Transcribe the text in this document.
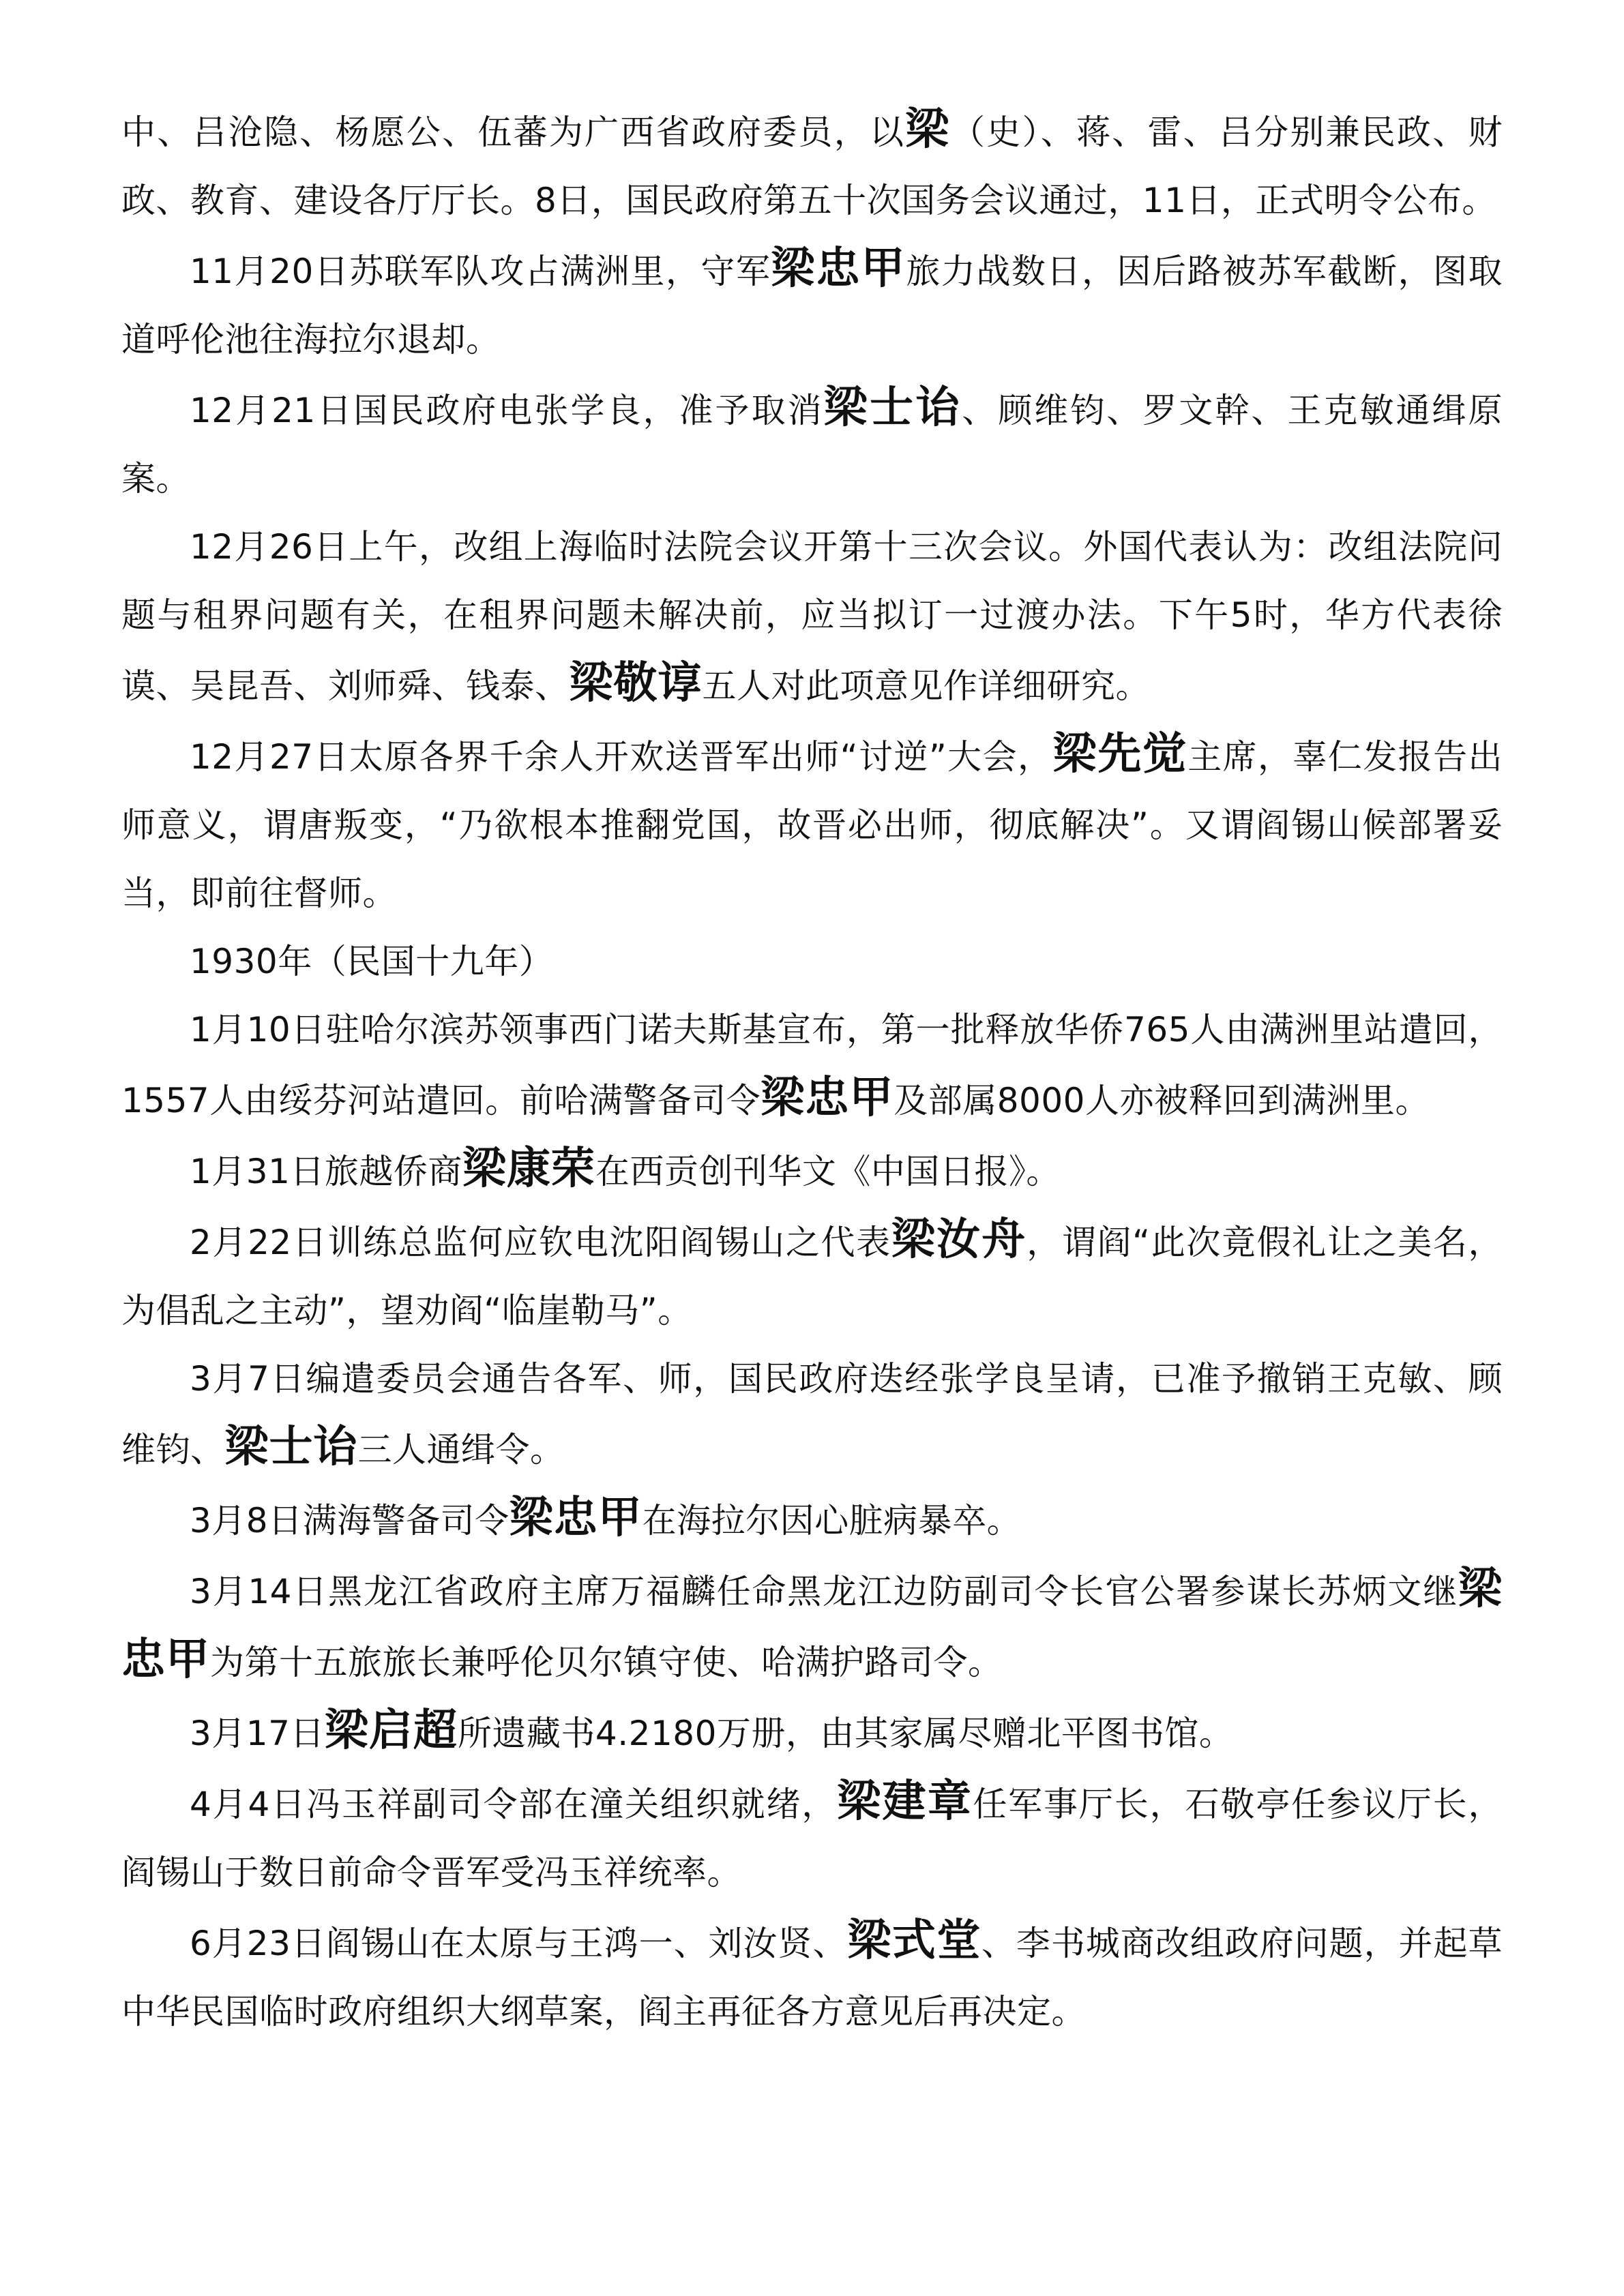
中、吕沧隐、杨愿公、伍蕃为广西省政府委员，以梁（史）、蒋、雷、吕分别兼民政、财政、教育、建设各厅厅长。8日，国民政府第五十次国务会议通过，11日，正式明令公布。

11月20日苏联军队攻占满洲里，守军梁忠甲旅力战数日，因后路被苏军截断，图取道呼伦池往海拉尔退却。

12月21日国民政府电张学良，准予取消梁士诒、顾维钧、罗文幹、王克敏通缉原案。

12月26日上午，改组上海临时法院会议开第十三次会议。外国代表认为：改组法院问题与租界问题有关，在租界问题未解决前，应当拟订一过渡办法。下午5时，华方代表徐谟、吴昆吾、刘师舜、钱泰、梁敬谆五人对此项意见作详细研究。

12月27日太原各界千余人开欢送晋军出师“讨逆”大会，梁先觉主席，辜仁发报告出师意义，谓唐叛变，“乃欲根本推翻党国，故晋必出师，彻底解决”。又谓阎锡山候部署妥当，即前往督师。

1930年（民国十九年）

1月10日驻哈尔滨苏领事西门诺夫斯基宣布，第一批释放华侨765人由满洲里站遣回，1557人由绥芬河站遣回。前哈满警备司令梁忠甲及部属8000人亦被释回到满洲里。

1月31日旅越侨商梁康荣在西贡创刊华文《中国日报》。

2月22日训练总监何应钦电沈阳阎锡山之代表梁汝舟，谓阎“此次竟假礼让之美名，为倡乱之主动”，望劝阎“临崖勒马”。

3月7日编遣委员会通告各军、师，国民政府迭经张学良呈请，已准予撤销王克敏、顾维钧、梁士诒三人通缉令。

3月8日满海警备司令梁忠甲在海拉尔因心脏病暴卒。

3月14日黑龙江省政府主席万福麟任命黑龙江边防副司令长官公署参谋长苏炳文继梁忠甲为第十五旅旅长兼呼伦贝尔镇守使、哈满护路司令。

3月17日梁启超所遗藏书4.2180万册，由其家属尽赠北平图书馆。

4月4日冯玉祥副司令部在潼关组织就绪，梁建章任军事厅长，石敬亭任参议厅长，阎锡山于数日前命令晋军受冯玉祥统率。

6月23日阎锡山在太原与王鸿一、刘汝贤、梁式堂、李书城商改组政府问题，并起草中华民国临时政府组织大纲草案，阎主再征各方意见后再决定。
